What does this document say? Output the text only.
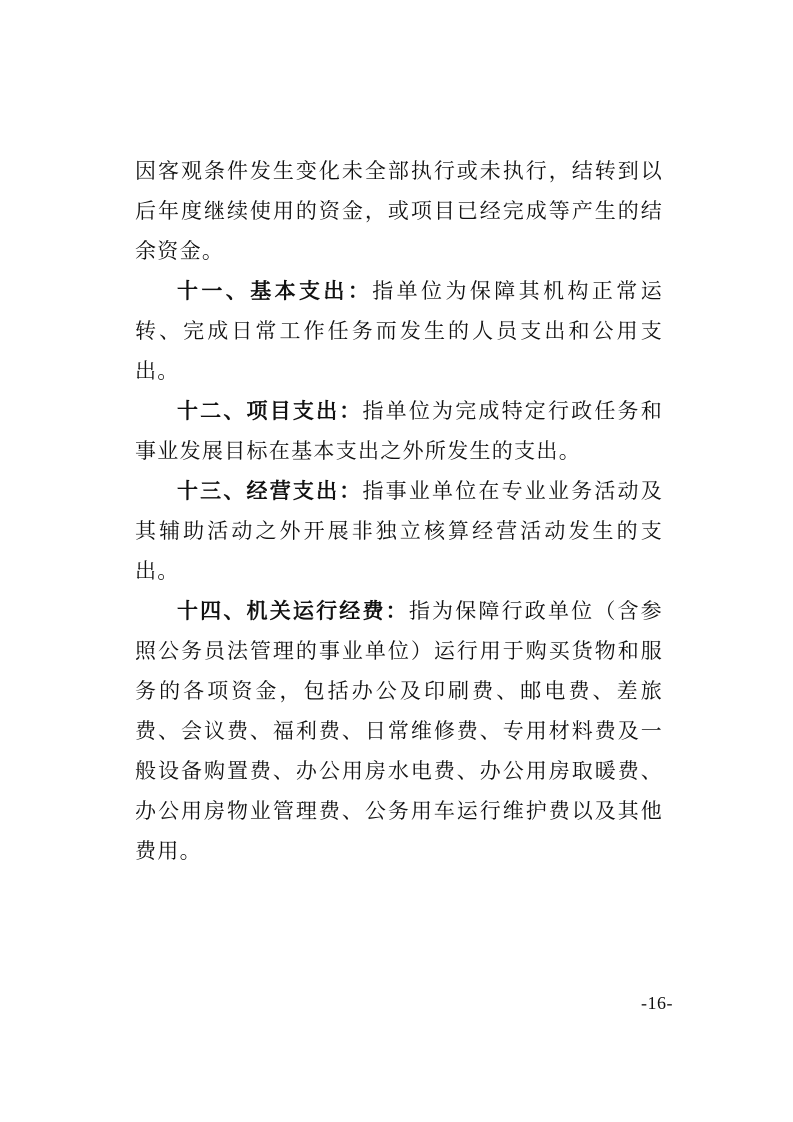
因客观条件发生变化未全部执行或未执行，结转到以后年度继续使用的资金，或项目已经完成等产生的结余资金。

十一、基本支出：指单位为保障其机构正常运转、完成日常工作任务而发生的人员支出和公用支出。

十二、项目支出：指单位为完成特定行政任务和事业发展目标在基本支出之外所发生的支出。

十三、经营支出：指事业单位在专业业务活动及其辅助活动之外开展非独立核算经营活动发生的支出。

十四、机关运行经费：指为保障行政单位（含参照公务员法管理的事业单位）运行用于购买货物和服务的各项资金，包括办公及印刷费、邮电费、差旅费、会议费、福利费、日常维修费、专用材料费及一般设备购置费、办公用房水电费、办公用房取暖费、办公用房物业管理费、公务用车运行维护费以及其他费用。

-16-
